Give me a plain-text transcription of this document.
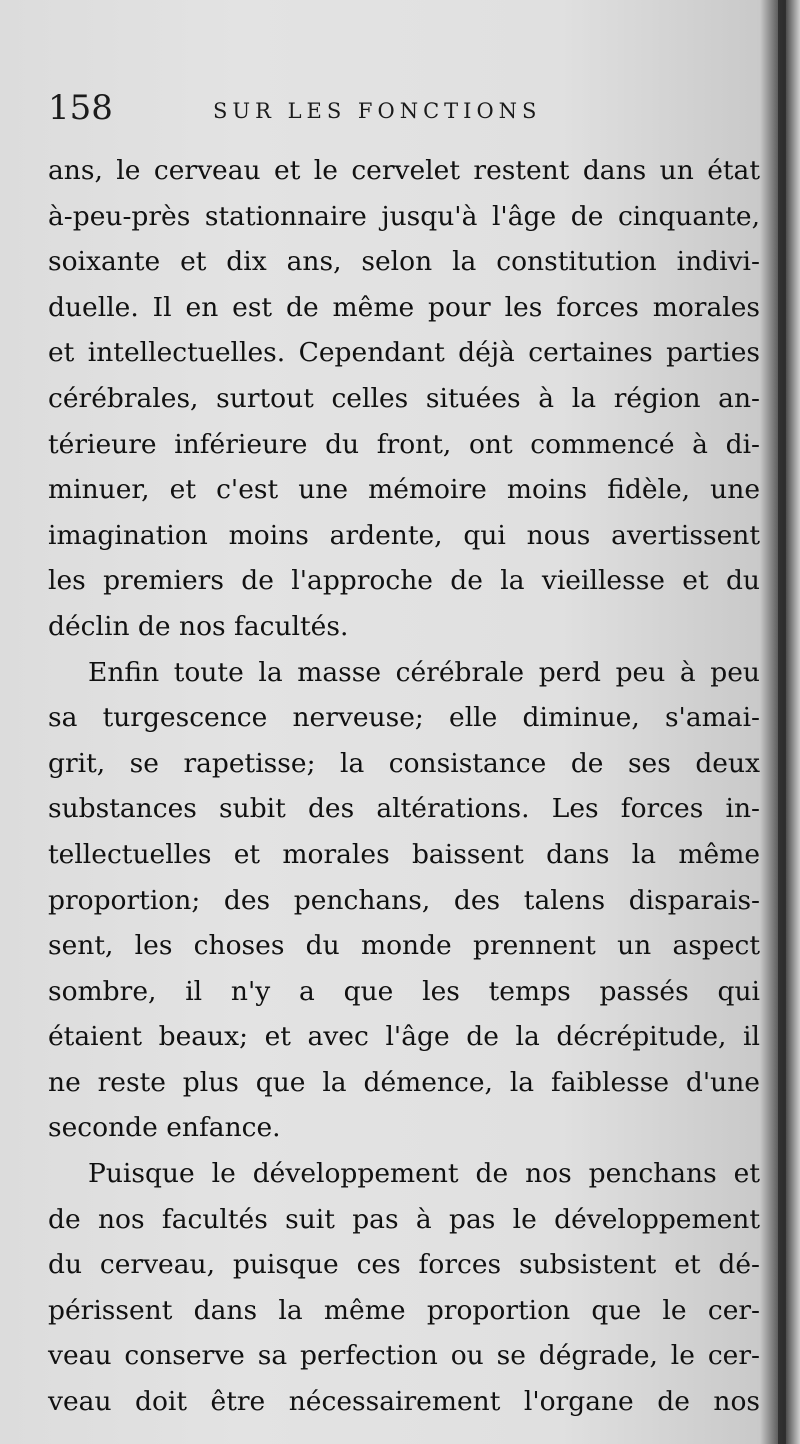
158	SUR LES FONCTIONS
ans, le cerveau et le cervelet restent dans un état
à-peu-près stationnaire jusqu'à l'âge de cinquante,
soixante et dix ans, selon la constitution indivi-
duelle. Il en est de même pour les forces morales
et intellectuelles. Cependant déjà certaines parties
cérébrales, surtout celles situées à la région an-
térieure inférieure du front, ont commencé à di-
minuer, et c'est une mémoire moins fidèle, une
imagination moins ardente, qui nous avertissent
les premiers de l'approche de la vieillesse et du
déclin de nos facultés.
Enfin toute la masse cérébrale perd peu à peu
sa turgescence nerveuse; elle diminue, s'amai-
grit, se rapetisse; la consistance de ses deux
substances subit des altérations. Les forces in-
tellectuelles et morales baissent dans la même
proportion; des penchans, des talens disparais-
sent, les choses du monde prennent un aspect
sombre, il n'y a que les temps passés qui
étaient beaux; et avec l'âge de la décrépitude, il
ne reste plus que la démence, la faiblesse d'une
seconde enfance.
Puisque le développement de nos penchans et
de nos facultés suit pas à pas le développement
du cerveau, puisque ces forces subsistent et dé-
périssent dans la même proportion que le cer-
veau conserve sa perfection ou se dégrade, le cer-
veau doit être nécessairement l'organe de nos
